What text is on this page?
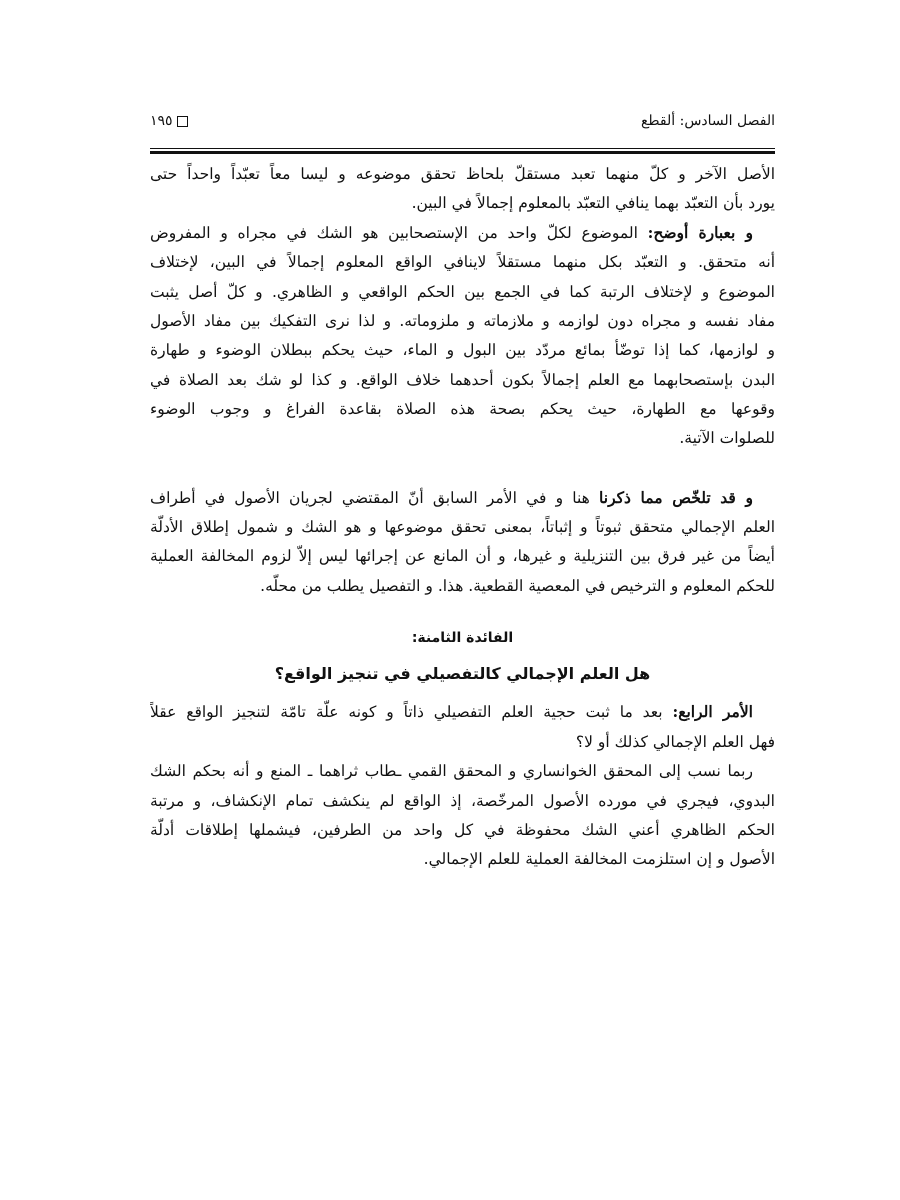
الفصل السادس: ألقطع
١٩٥
الأصل الآخر و كلّ منهما تعبد مستقلّ بلحاظ تحقق موضوعه و ليسا معاً تعبّداً واحداً حتى
يورد بأن التعبّد بهما ينافي التعبّد بالمعلوم إجمالاً في البين.
و بعبارة أوضح: الموضوع لكلّ واحد من الإستصحابين هو الشك في مجراه و المفروض
أنه متحقق. و التعبّد بكل منهما مستقلاً لاينافي الواقع المعلوم إجمالاً في البين، لإختلاف
الموضوع و لإختلاف الرتبة كما في الجمع بين الحكم الواقعي و الظاهري. و كلّ أصل يثبت
مفاد نفسه و مجراه دون لوازمه و ملازماته و ملزوماته. و لذا نرى التفكيك بين مفاد الأصول
و لوازمها، كما إذا توضّأ بمائع مردّد بين البول و الماء، حيث يحكم ببطلان الوضوء و طهارة
البدن بإستصحابهما مع العلم إجمالاً بكون أحدهما خلاف الواقع. و كذا لو شك بعد الصلاة في
وقوعها مع الطهارة، حيث يحكم بصحة هذه الصلاة بقاعدة الفراغ و وجوب الوضوء
للصلوات الآتية.
و قد تلخّص مما ذكرنا هنا و في الأمر السابق أنّ المقتضي لجريان الأصول في أطراف
العلم الإجمالي متحقق ثبوتاً و إثباتاً، بمعنى تحقق موضوعها و هو الشك و شمول إطلاق الأدلّة
أيضاً من غير فرق بين التنزيلية و غيرها، و أن المانع عن إجرائها ليس إلاّ لزوم المخالفة العملية
للحكم المعلوم و الترخيص في المعصية القطعية. هذا. و التفصيل يطلب من محلّه.
الفائدة الثامنة:
هل العلم الإجمالي كالتفصيلي في تنجيز الواقع؟
الأمر الرابع: بعد ما ثبت حجية العلم التفصيلي ذاتاً و كونه علّة تامّة لتنجيز الواقع عقلاً
فهل العلم الإجمالي كذلك أو لا؟
ربما نسب إلى المحقق الخوانساري و المحقق القمي ـطاب ثراهما ـ المنع و أنه بحكم الشك
البدوي، فيجري في مورده الأصول المرخّصة، إذ الواقع لم ينكشف تمام الإنكشاف، و مرتبة
الحكم الظاهري أعني الشك محفوظة في كل واحد من الطرفين، فيشملها إطلاقات أدلّة
الأصول و إن استلزمت المخالفة العملية للعلم الإجمالي.
